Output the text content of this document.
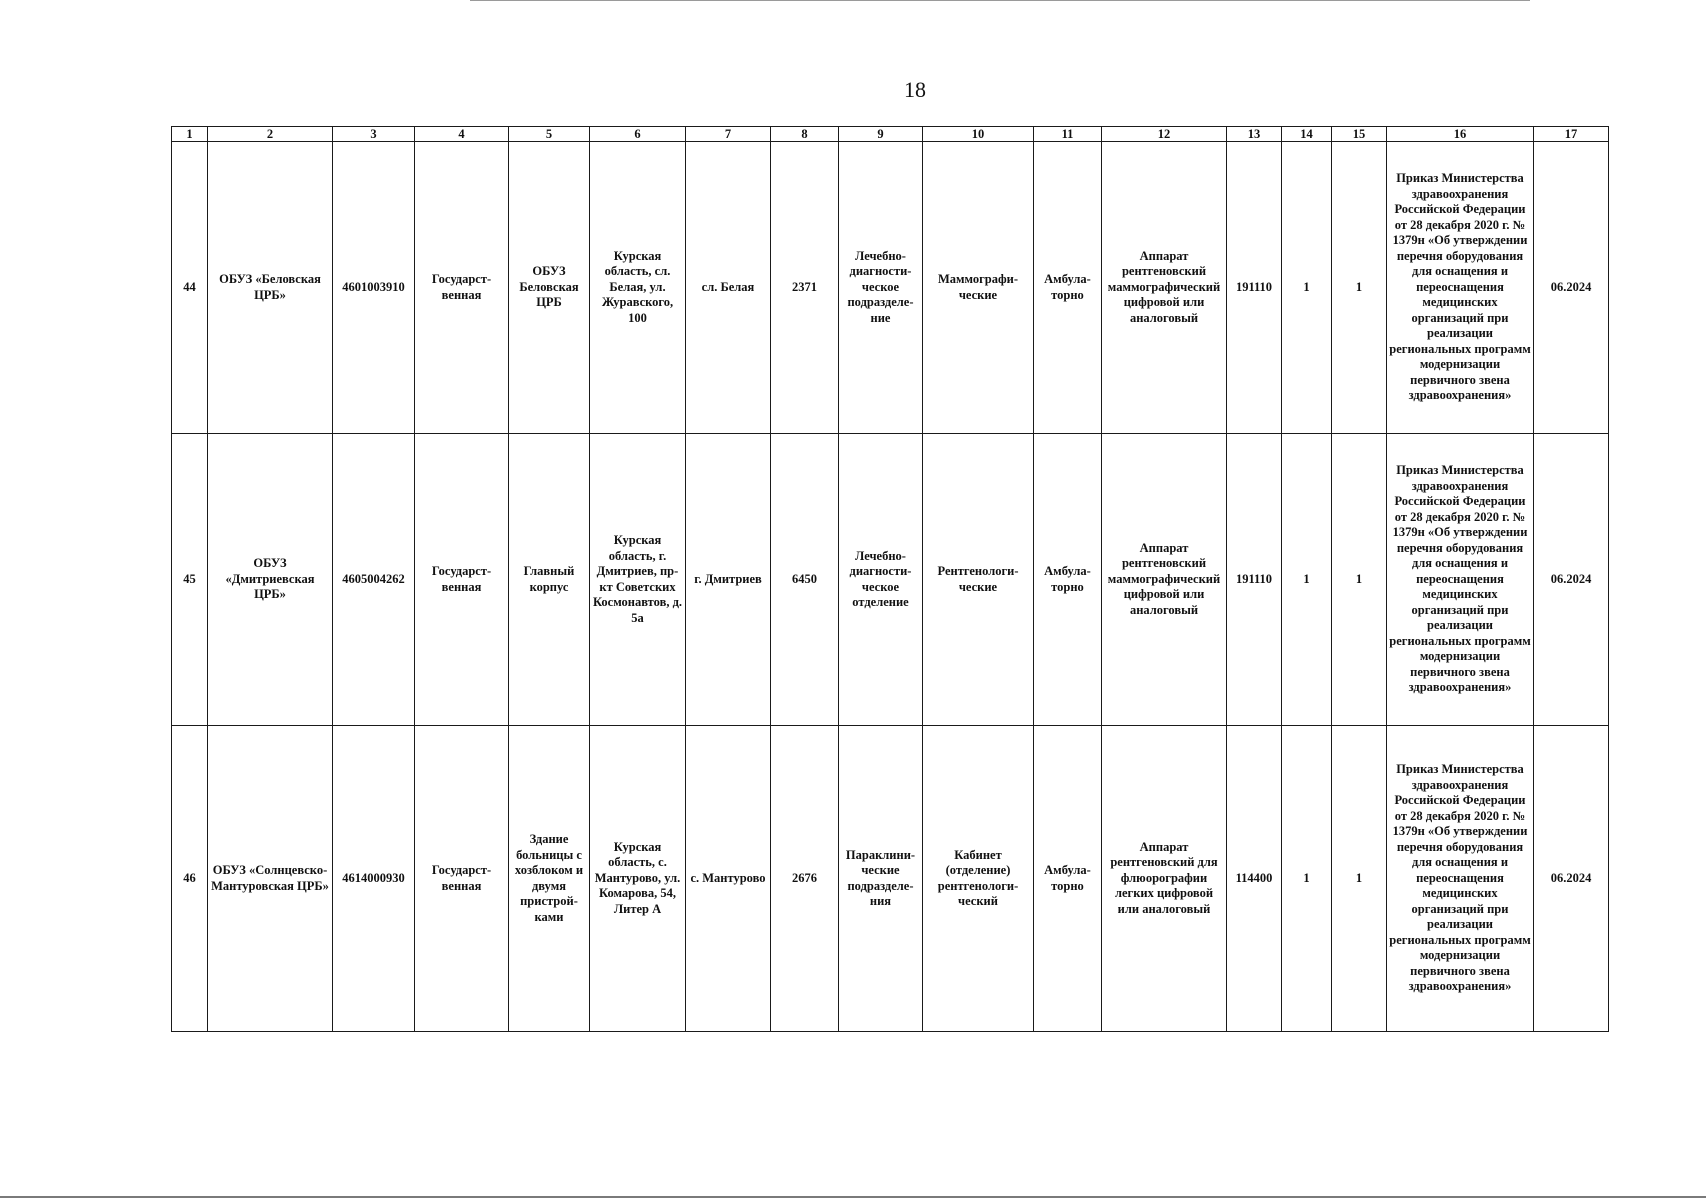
18
1	2	3	4	5	6	7	8	9	10	11	12	13	14	15	16	17
44	ОБУЗ «Беловская ЦРБ»	4601003910	Государст-венная	ОБУЗ Беловская ЦРБ	Курская область, сл. Белая, ул. Журавского, 100	сл. Белая	2371	Лечебно-диагности-ческое подразделе-ние	Маммографи-ческие	Амбула-торно	Аппарат рентгеновский маммографический цифровой или аналоговый	191110	1	1	Приказ Министерства здравоохранения Российской Федерации от 28 декабря 2020 г. № 1379н «Об утверждении перечня оборудования для оснащения и переоснащения медицинских организаций при реализации региональных программ модернизации первичного звена здравоохранения»	06.2024
45	ОБУЗ «Дмитриевская ЦРБ»	4605004262	Государст-венная	Главный корпус	Курская область, г. Дмитриев, пр-кт Советских Космонавтов, д. 5а	г. Дмитриев	6450	Лечебно-диагности-ческое отделение	Рентгенологи-ческие	Амбула-торно	Аппарат рентгеновский маммографический цифровой или аналоговый	191110	1	1	Приказ Министерства здравоохранения Российской Федерации от 28 декабря 2020 г. № 1379н «Об утверждении перечня оборудования для оснащения и переоснащения медицинских организаций при реализации региональных программ модернизации первичного звена здравоохранения»	06.2024
46	ОБУЗ «Солнцевско-Мантуровская ЦРБ»	4614000930	Государст-венная	Здание больницы с хозблоком и двумя пристрой-ками	Курская область, с. Мантурово, ул. Комарова, 54, Литер А	с. Мантурово	2676	Параклини-ческие подразделе-ния	Кабинет (отделение) рентгенологи-ческий	Амбула-торно	Аппарат рентгеновский для флюорографии легких цифровой или аналоговый	114400	1	1	Приказ Министерства здравоохранения Российской Федерации от 28 декабря 2020 г. № 1379н «Об утверждении перечня оборудования для оснащения и переоснащения медицинских организаций при реализации региональных программ модернизации первичного звена здравоохранения»	06.2024
